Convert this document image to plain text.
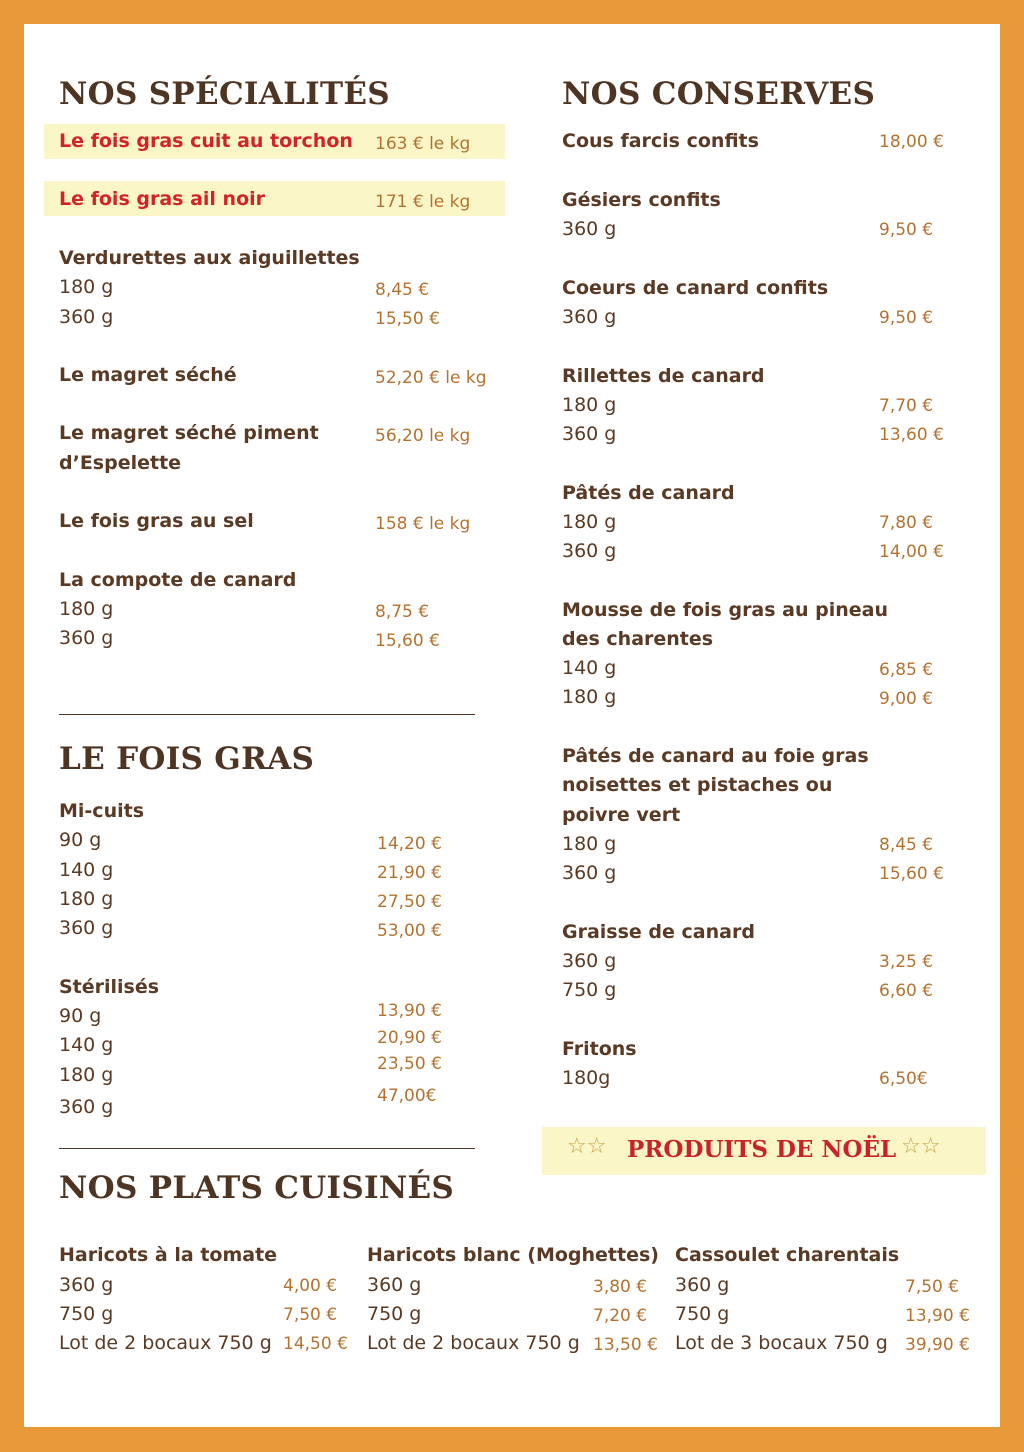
NOS SPÉCIALITÉS
Le fois gras cuit au torchon 163 € le kg
Le fois gras ail noir	171 € le kg
Verdurettes aux aiguillettes
180 g	8,45 €
360 g	15,50 €
Le magret séché	52,20 € le kg
Le magret séché piment
d’Espelette
56,20 le kg
Le fois gras au sel	158 € le kg
La compote de canard
180 g	8,75 €
360 g	15,60 €
LE FOIS GRAS
Mi-cuits
90 g	14,20 €
140 g	21,90 €
180 g	27,50 €
360 g	53,00 €
Stérilisés
90 g	13,90 €
140 g	20,90 €
180 g	23,50 €
360 g	47,00€
NOS PLATS CUISINÉS
Haricots à la tomate
360 g	4,00 €
750 g	7,50 €
Lot de 2 bocaux 750 g 14,50 €
Haricots blanc (Moghettes)
360 g	3,80 €
750 g	7,20 €
Lot de 2 bocaux 750 g 13,50 €
Cassoulet charentais
360 g	7,50 €
750 g	13,90 €
Lot de 3 bocaux 750 g 39,90 €
NOS CONSERVES
Cous farcis confits	18,00 €
Gésiers confits
360 g	9,50 €
Coeurs de canard confits
360 g	9,50 €
Rillettes de canard
180 g	7,70 €
360 g	13,60 €
Pâtés de canard
180 g	7,80 €
360 g	14,00 €
Mousse de fois gras au pineau
des charentes
140 g	6,85 €
180 g	9,00 €
Pâtés de canard au foie gras
noisettes et pistaches ou
poivre vert
180 g	8,45 €
360 g	15,60 €
Graisse de canard
360 g	3,25 €
750 g	6,60 €
Fritons
180g	6,50€
☆☆ PRODUITS DE NOËL ☆☆
